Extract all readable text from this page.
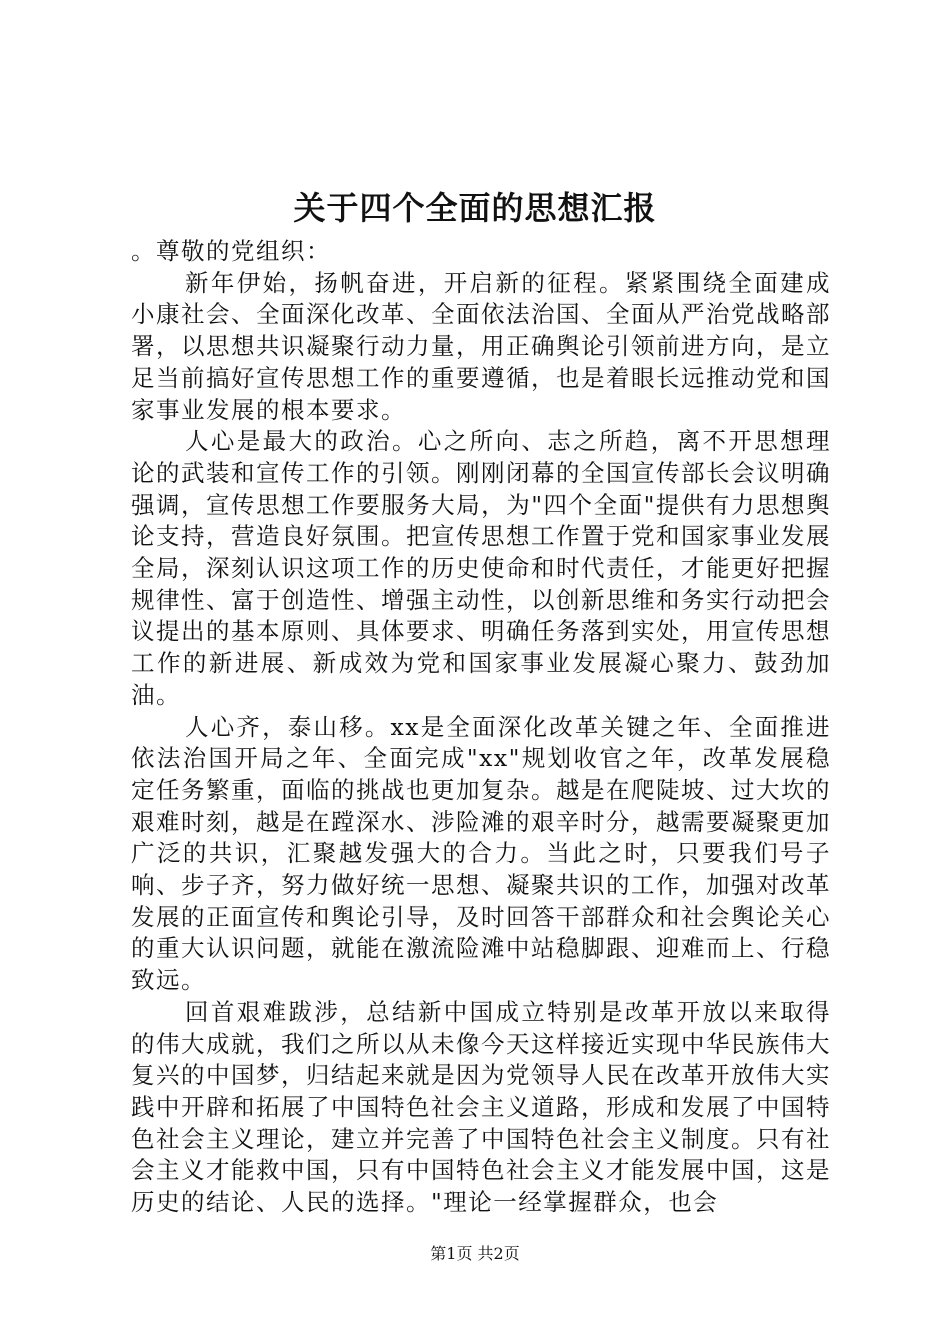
关于四个全面的思想汇报

。尊敬的党组织：

新年伊始，扬帆奋进，开启新的征程。紧紧围绕全面建成小康社会、全面深化改革、全面依法治国、全面从严治党战略部署，以思想共识凝聚行动力量，用正确舆论引领前进方向，是立足当前搞好宣传思想工作的重要遵循，也是着眼长远推动党和国家事业发展的根本要求。

人心是最大的政治。心之所向、志之所趋，离不开思想理论的武装和宣传工作的引领。刚刚闭幕的全国宣传部长会议明确强调，宣传思想工作要服务大局，为"四个全面"提供有力思想舆论支持，营造良好氛围。把宣传思想工作置于党和国家事业发展全局，深刻认识这项工作的历史使命和时代责任，才能更好把握规律性、富于创造性、增强主动性，以创新思维和务实行动把会议提出的基本原则、具体要求、明确任务落到实处，用宣传思想工作的新进展、新成效为党和国家事业发展凝心聚力、鼓劲加油。

人心齐，泰山移。xx是全面深化改革关键之年、全面推进依法治国开局之年、全面完成"xx"规划收官之年，改革发展稳定任务繁重，面临的挑战也更加复杂。越是在爬陡坡、过大坎的艰难时刻，越是在蹚深水、涉险滩的艰辛时分，越需要凝聚更加广泛的共识，汇聚越发强大的合力。当此之时，只要我们号子响、步子齐，努力做好统一思想、凝聚共识的工作，加强对改革发展的正面宣传和舆论引导，及时回答干部群众和社会舆论关心的重大认识问题，就能在激流险滩中站稳脚跟、迎难而上、行稳致远。

回首艰难跋涉，总结新中国成立特别是改革开放以来取得的伟大成就，我们之所以从未像今天这样接近实现中华民族伟大复兴的中国梦，归结起来就是因为党领导人民在改革开放伟大实践中开辟和拓展了中国特色社会主义道路，形成和发展了中国特色社会主义理论，建立并完善了中国特色社会主义制度。只有社会主义才能救中国，只有中国特色社会主义才能发展中国，这是历史的结论、人民的选择。"理论一经掌握群众，也会

第1页 共2页
